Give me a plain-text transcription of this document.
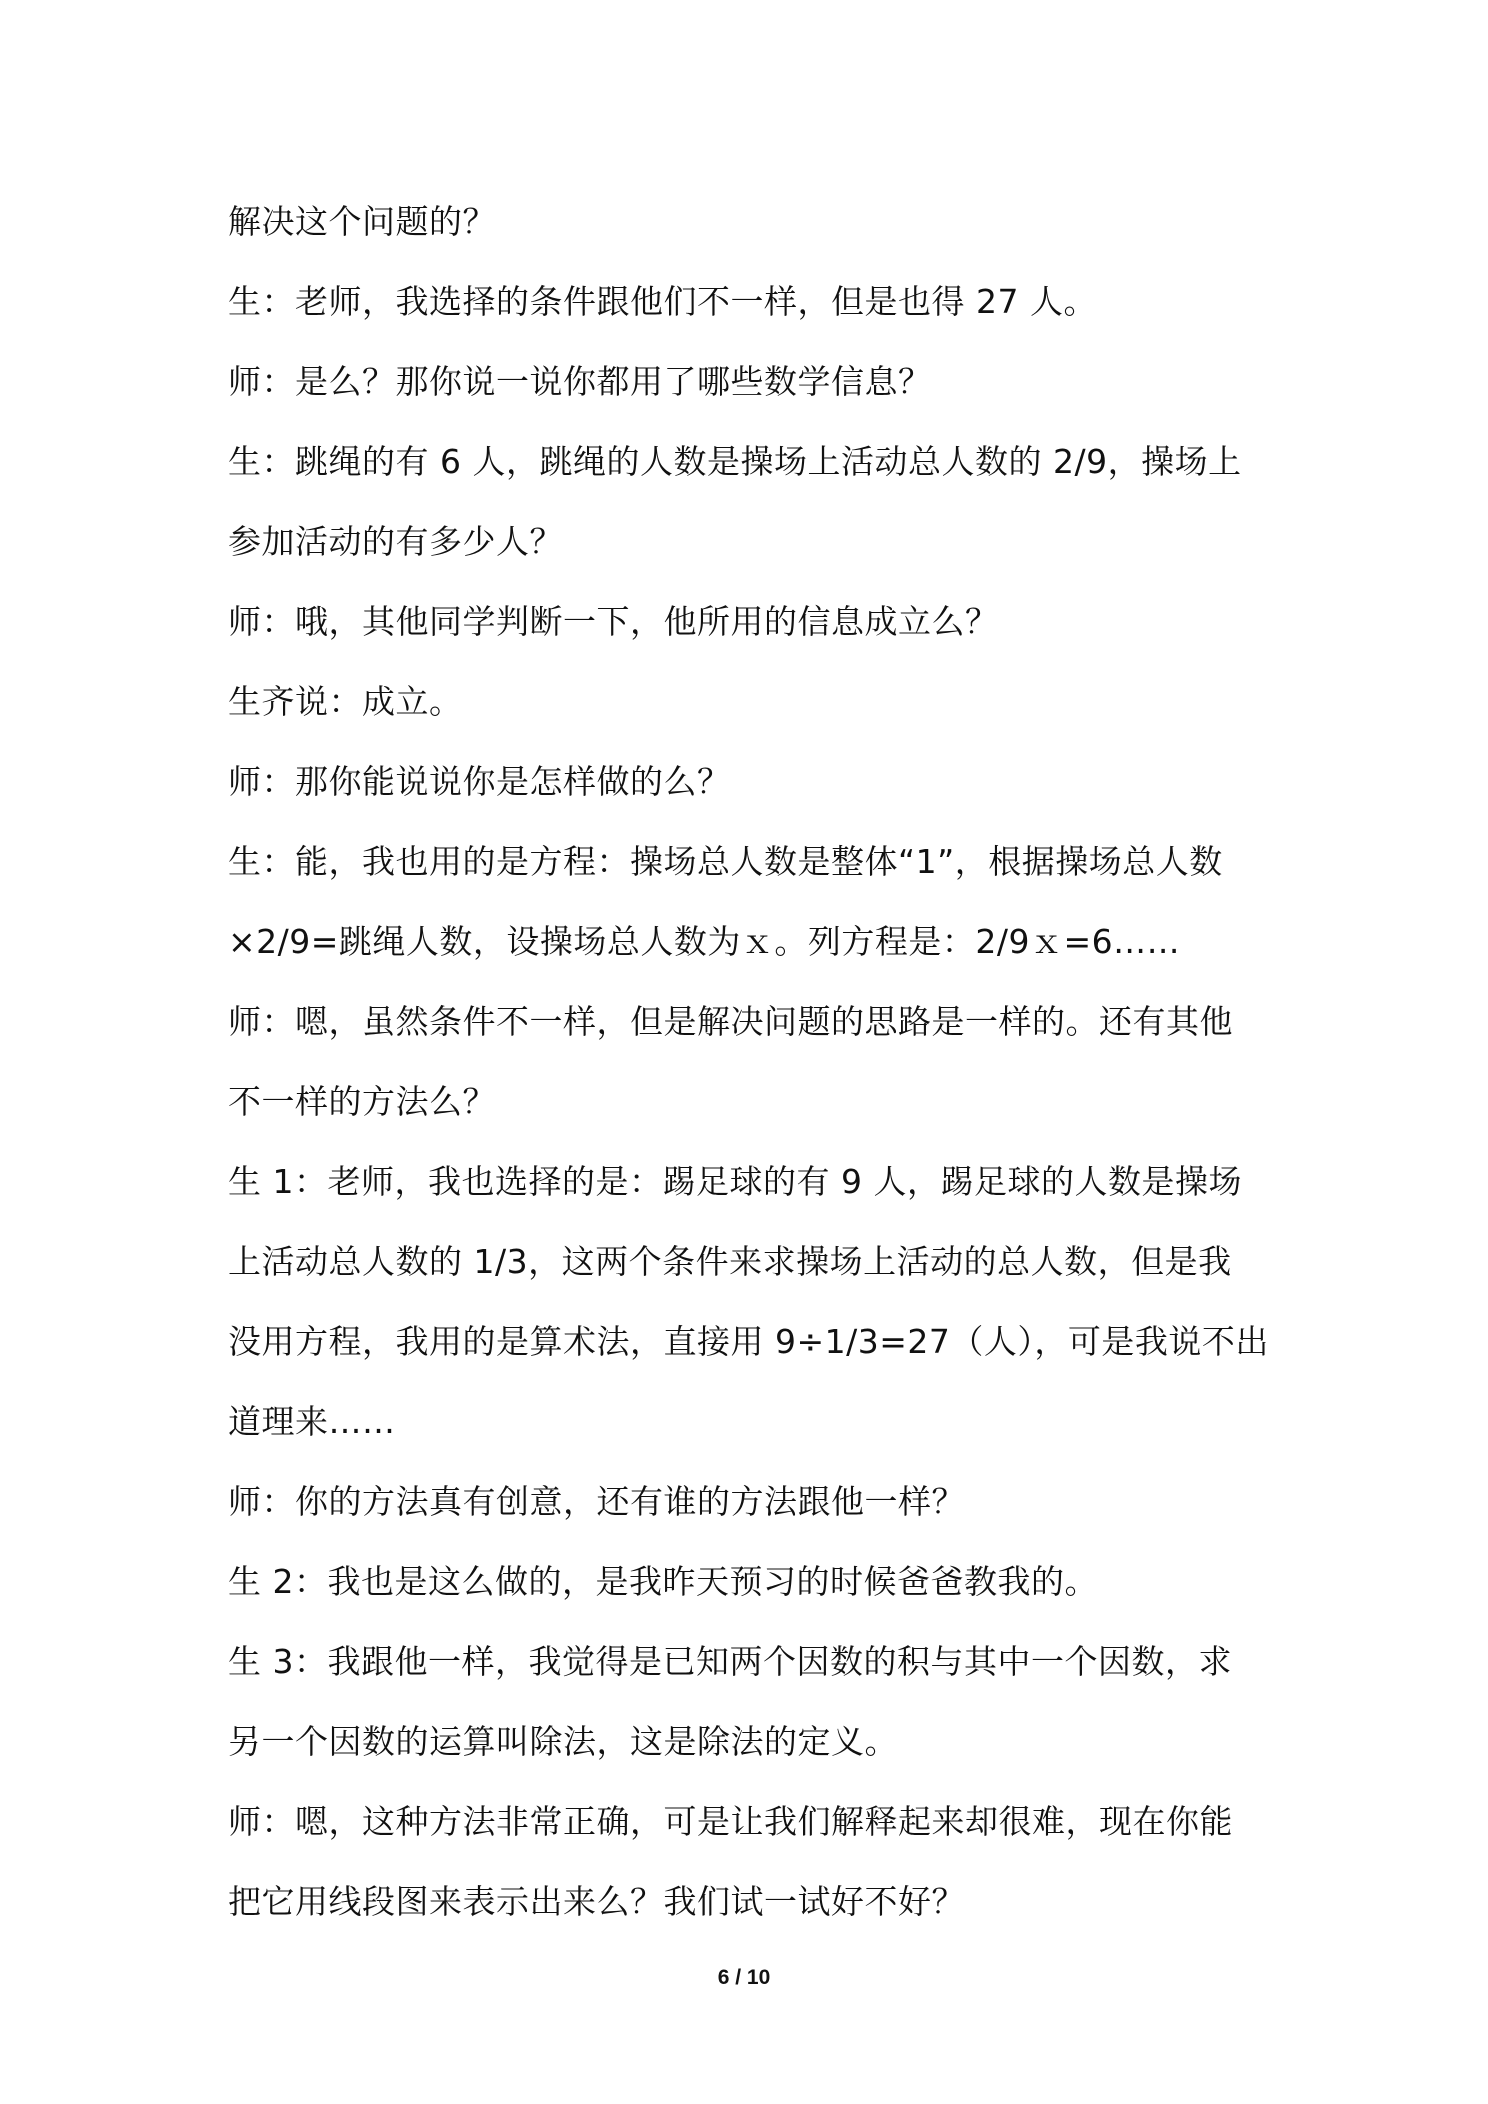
解决这个问题的？
生：老师，我选择的条件跟他们不一样，但是也得 27 人。
师：是么？那你说一说你都用了哪些数学信息？
生：跳绳的有 6 人，跳绳的人数是操场上活动总人数的 2/9，操场上
参加活动的有多少人？
师：哦，其他同学判断一下，他所用的信息成立么？
生齐说：成立。
师：那你能说说你是怎样做的么？
生：能，我也用的是方程：操场总人数是整体“1”，根据操场总人数
×2/9=跳绳人数，设操场总人数为ｘ。列方程是：2/9ｘ=6……
师：嗯，虽然条件不一样，但是解决问题的思路是一样的。还有其他
不一样的方法么？
生 1：老师，我也选择的是：踢足球的有 9 人，踢足球的人数是操场
上活动总人数的 1/3，这两个条件来求操场上活动的总人数，但是我
没用方程，我用的是算术法，直接用 9÷1/3=27（人），可是我说不出
道理来……
师：你的方法真有创意，还有谁的方法跟他一样？
生 2：我也是这么做的，是我昨天预习的时候爸爸教我的。
生 3：我跟他一样，我觉得是已知两个因数的积与其中一个因数，求
另一个因数的运算叫除法，这是除法的定义。
师：嗯，这种方法非常正确，可是让我们解释起来却很难，现在你能
把它用线段图来表示出来么？我们试一试好不好？
6 / 10
